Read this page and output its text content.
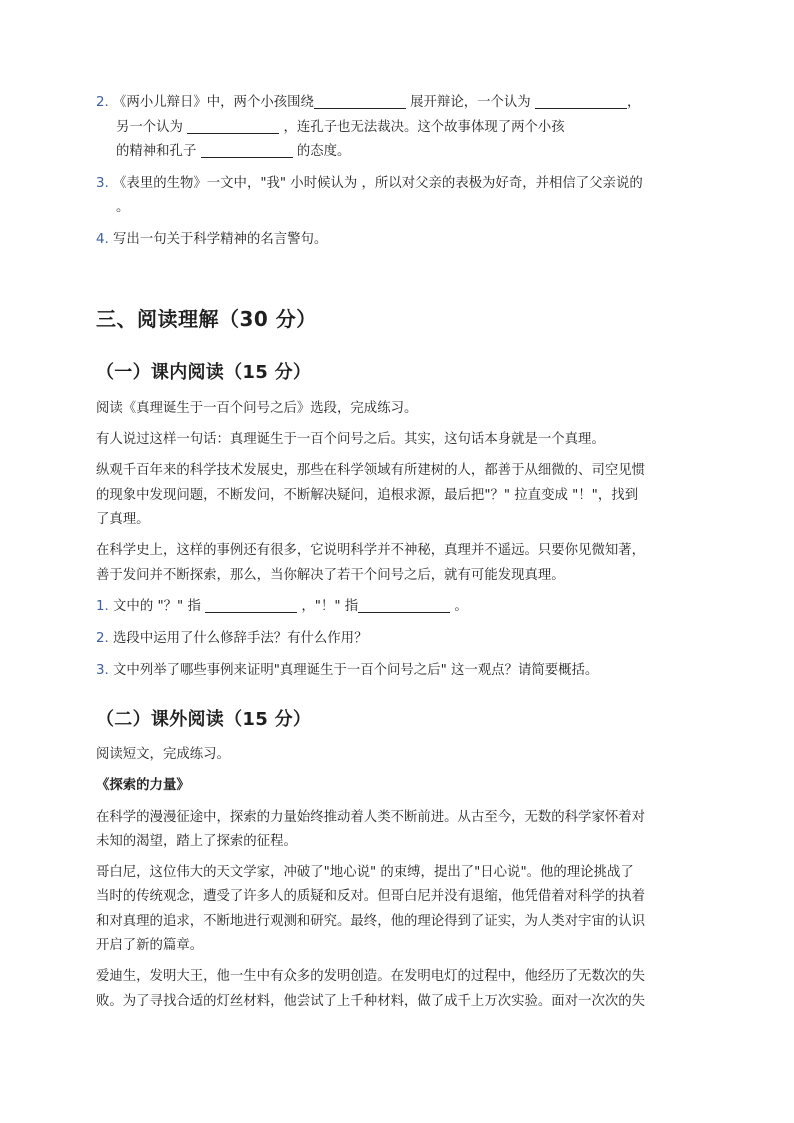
2. 《两小儿辩日》中，两个小孩围绕	展开辩论，一个认为	，
另一个认为	，连孔子也无法裁决。这个故事体现了两个小孩
的精神和孔子	的态度。
3. 《表里的生物》一文中，"我" 小时候认为 ，所以对父亲的表极为好奇，并相信了父亲说的
。
4. 写出一句关于科学精神的名言警句。
三、阅读理解（30 分）
（一）课内阅读（15 分）
阅读《真理诞生于一百个问号之后》选段，完成练习。
有人说过这样一句话：真理诞生于一百个问号之后。其实，这句话本身就是一个真理。
纵观千百年来的科学技术发展史，那些在科学领域有所建树的人，都善于从细微的、司空见惯
的现象中发现问题，不断发问，不断解决疑问，追根求源，最后把"？" 拉直变成 "！"，找到
了真理。
在科学史上，这样的事例还有很多，它说明科学并不神秘，真理并不遥远。只要你见微知著，
善于发问并不断探索，那么，当你解决了若干个问号之后，就有可能发现真理。
1. 文中的 "？" 指	，"！" 指	。
2. 选段中运用了什么修辞手法？有什么作用？
3. 文中列举了哪些事例来证明"真理诞生于一百个问号之后" 这一观点？请简要概括。
（二）课外阅读（15 分）
阅读短文，完成练习。
《探索的力量》
在科学的漫漫征途中，探索的力量始终推动着人类不断前进。从古至今，无数的科学家怀着对
未知的渴望，踏上了探索的征程。
哥白尼，这位伟大的天文学家，冲破了"地心说" 的束缚，提出了"日心说"。他的理论挑战了
当时的传统观念，遭受了许多人的质疑和反对。但哥白尼并没有退缩，他凭借着对科学的执着
和对真理的追求，不断地进行观测和研究。最终，他的理论得到了证实，为人类对宇宙的认识
开启了新的篇章。
爱迪生，发明大王，他一生中有众多的发明创造。在发明电灯的过程中，他经历了无数次的失
败。为了寻找合适的灯丝材料，他尝试了上千种材料，做了成千上万次实验。面对一次次的失
